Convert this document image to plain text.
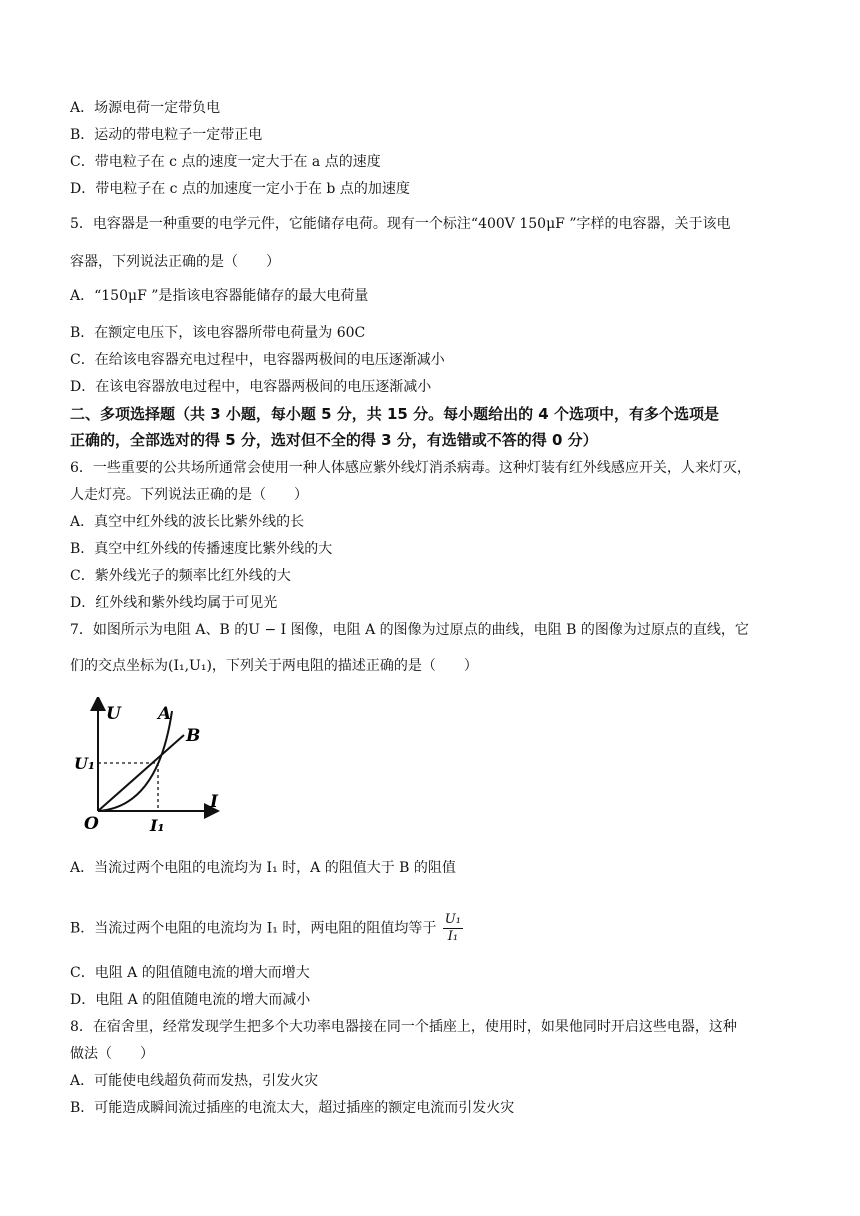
A．场源电荷一定带负电
B．运动的带电粒子一定带正电
C．带电粒子在 c 点的速度一定大于在 a 点的速度
D．带电粒子在 c 点的加速度一定小于在 b 点的加速度
5．电容器是一种重要的电学元件，它能储存电荷。现有一个标注“400V 150μF ”字样的电容器，关于该电
容器，下列说法正确的是（　　）
A．“150μF ”是指该电容器能储存的最大电荷量
B．在额定电压下，该电容器所带电荷量为 60C
C．在给该电容器充电过程中，电容器两极间的电压逐渐减小
D．在该电容器放电过程中，电容器两极间的电压逐渐减小
二、多项选择题（共 3 小题，每小题 5 分，共 15 分。每小题给出的 4 个选项中，有多个选项是
正确的，全部选对的得 5 分，选对但不全的得 3 分，有选错或不答的得 0 分）
6．一些重要的公共场所通常会使用一种人体感应紫外线灯消杀病毒。这种灯装有红外线感应开关，人来灯灭，
人走灯亮。下列说法正确的是（　　）
A．真空中红外线的波长比紫外线的长
B．真空中红外线的传播速度比紫外线的大
C．紫外线光子的频率比红外线的大
D．红外线和紫外线均属于可见光
7．如图所示为电阻 A、B 的U − I 图像，电阻 A 的图像为过原点的曲线，电阻 B 的图像为过原点的直线，它
们的交点坐标为(I₁,U₁)，下列关于两电阻的描述正确的是（　　）
U
I
O
A
B
U₁
I₁
A．当流过两个电阻的电流均为 I₁ 时，A 的阻值大于 B 的阻值
B．当流过两个电阻的电流均为 I₁ 时，两电阻的阻值均等于 $\frac{\text{U₁}}{\text{I₁}}$
C．电阻 A 的阻值随电流的增大而增大
D．电阻 A 的阻值随电流的增大而减小
8．在宿舍里，经常发现学生把多个大功率电器接在同一个插座上，使用时，如果他同时开启这些电器，这种
做法（　　）
A．可能使电线超负荷而发热，引发火灾
B．可能造成瞬间流过插座的电流太大，超过插座的额定电流而引发火灾
